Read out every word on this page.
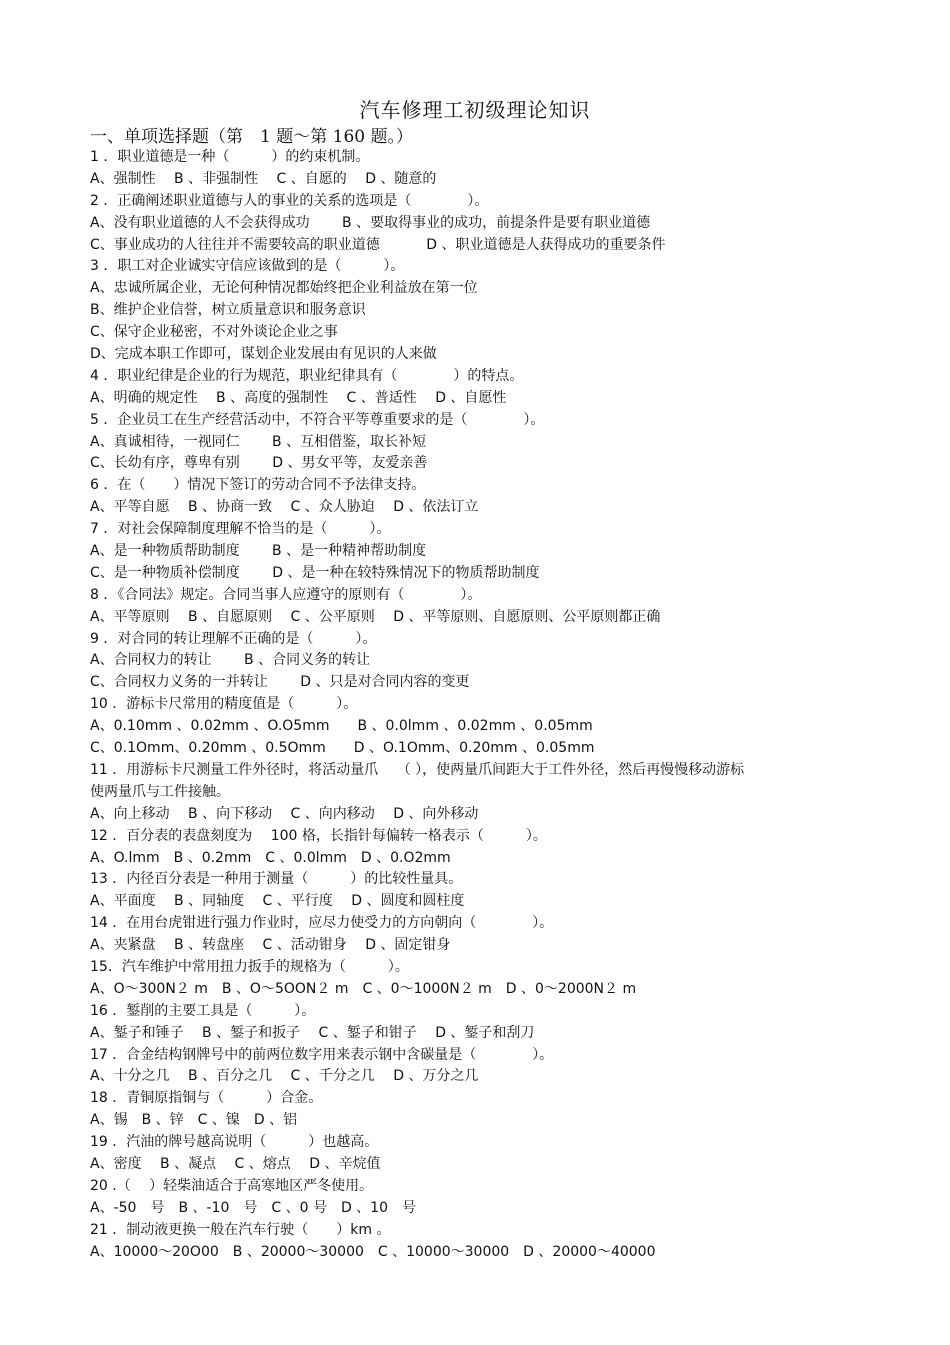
汽车修理工初级理论知识
一、单项选择题（第　1 题～第 160 题。）
1 ．职业道德是一种（　　　）的约束机制。
A、强制性　 B 、非强制性　 C 、自愿的　 D 、随意的
2 ．正确阐述职业道德与人的事业的关系的选项是（　　　　）。
A、没有职业道德的人不会获得成功　　 B 、要取得事业的成功，前提条件是要有职业道德
C、事业成功的人往往并不需要较高的职业道德　　　 D 、职业道德是人获得成功的重要条件
3 ．职工对企业诚实守信应该做到的是（　　　）。
A、忠诚所属企业，无论何种情况都始终把企业利益放在第一位
B、维护企业信誉，树立质量意识和服务意识
C、保守企业秘密，不对外谈论企业之事
D、完成本职工作即可，谋划企业发展由有见识的人来做
4 ．职业纪律是企业的行为规范，职业纪律具有（　　　　）的特点。
A、明确的规定性　 B 、高度的强制性　 C 、普适性　 D 、自愿性
5 ．企业员工在生产经营活动中，不符合平等尊重要求的是（　　　　）。
A、真诚相待，一视同仁　　 B 、互相借鉴，取长补短
C、长幼有序，尊卑有别　　 D 、男女平等，友爱亲善
6 ．在（　　）情况下签订的劳动合同不予法律支持。
A、平等自愿　 B 、协商一致　 C 、众人胁迫　 D 、依法订立
7 ．对社会保障制度理解不恰当的是（　　　）。
A、是一种物质帮助制度　　 B 、是一种精神帮助制度
C、是一种物质补偿制度　　 D 、是一种在较特殊情况下的物质帮助制度
8 ．《合同法》规定。合同当事人应遵守的原则有（　　　　）。
A、平等原则　 B 、自愿原则　 C 、公平原则　 D 、平等原则、自愿原则、公平原则都正确
9 ．对合同的转让理解不正确的是（　　　）。
A、合同权力的转让　　 B 、合同义务的转让
C、合同权力义务的一并转让　　 D 、只是对合同内容的变更
10 ．游标卡尺常用的精度值是（　　　）。
A、0.10mm 、0.02mm 、O.O5mm　　B 、0.0lmm 、0.02mm 、0.05mm
C、0.1Omm、0.20mm 、0.5Omm　　D 、O.1Omm、0.20mm 、0.05mm
11 ．用游标卡尺测量工件外径时，将活动量爪　 （ ），使两量爪间距大于工件外径，然后再慢慢移动游标
使两量爪与工件接触。
A、向上移动　 B 、向下移动　 C 、向内移动　 D 、向外移动
12 ．百分表的表盘刻度为　 100 格，长指针每偏转一格表示（　　　）。
A、O.lmm　B 、0.2mm　C 、0.0lmm　D 、0.O2mm
13 ．内径百分表是一种用于测量（　　　）的比较性量具。
A、平面度　 B 、同轴度　 C 、平行度　 D 、圆度和圆柱度
14 ．在用台虎钳进行强力作业时，应尽力使受力的方向朝向（　　　　）。
A、夹紧盘　 B 、转盘座　 C 、活动钳身　 D 、固定钳身
15．汽车维护中常用扭力扳手的规格为（　　　）。
A、O～300N２ m　B 、O～5OON２ m　C 、0～1000N２ m　D 、0～2000N２ m
16 ．錾削的主要工具是（　　　）。
A、錾子和锤子　 B 、錾子和扳子　 C 、錾子和钳子　 D 、錾子和刮刀
17 ．合金结构钢牌号中的前两位数字用来表示钢中含碳量是（　　　　）。
A、十分之几　 B 、百分之几　 C 、千分之几　 D 、万分之几
18 ．青铜原指铜与（　　　）合金。
A、锡　B 、锌　C 、镍　D 、铝
19 ．汽油的牌号越高说明（　　　）也越高。
A、密度　 B 、凝点　 C 、熔点　 D 、辛烷值
20 .（　 ）轻柴油适合于高寒地区严冬使用。
A、-50　号　B 、-10　号　C 、0 号　D 、10　号
21 ．制动液更换一般在汽车行驶（　　）km 。
A、10000～20O00　B 、20000～30000　C 、10000～30000　D 、20000～40000
